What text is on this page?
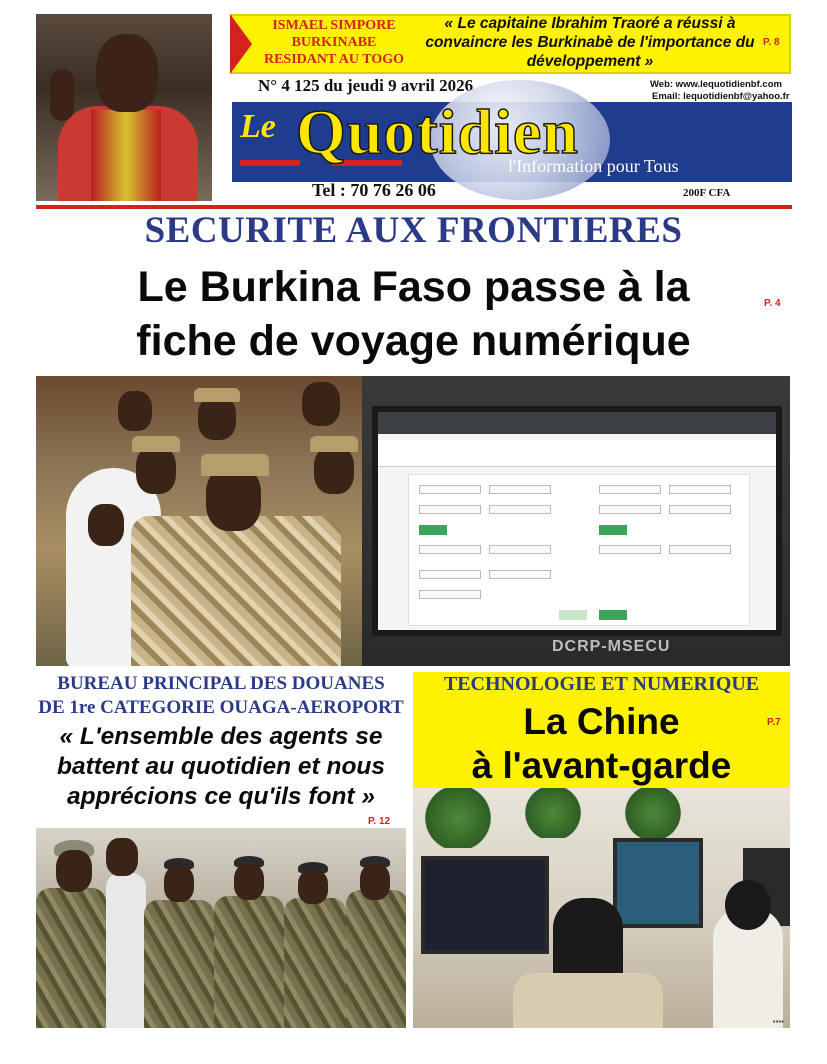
ISMAEL SIMPORE BURKINABE RESIDANT AU TOGO
« Le capitaine Ibrahim Traoré a réussi à convaincre les Burkinabè de l'importance du développement »
P. 8
N° 4 125 du jeudi 9 avril 2026	Web: www.lequotidienbf.com
Email: lequotidienbf@yahoo.fr
Le Quotidien
l'Information pour Tous
Tel : 70 76 26 06	200F CFA
SECURITE AUX FRONTIERES
Le Burkina Faso passe à la fiche de voyage numérique
P. 4
DCRP-MSECU
BUREAU PRINCIPAL DES DOUANES
DE 1re CATEGORIE OUAGA-AEROPORT
« L'ensemble des agents se battent au quotidien et nous apprécions ce qu'ils font »
P. 12
TECHNOLOGIE ET NUMERIQUE
La Chine
à l'avant-garde
P.7
▪▪▪▪
